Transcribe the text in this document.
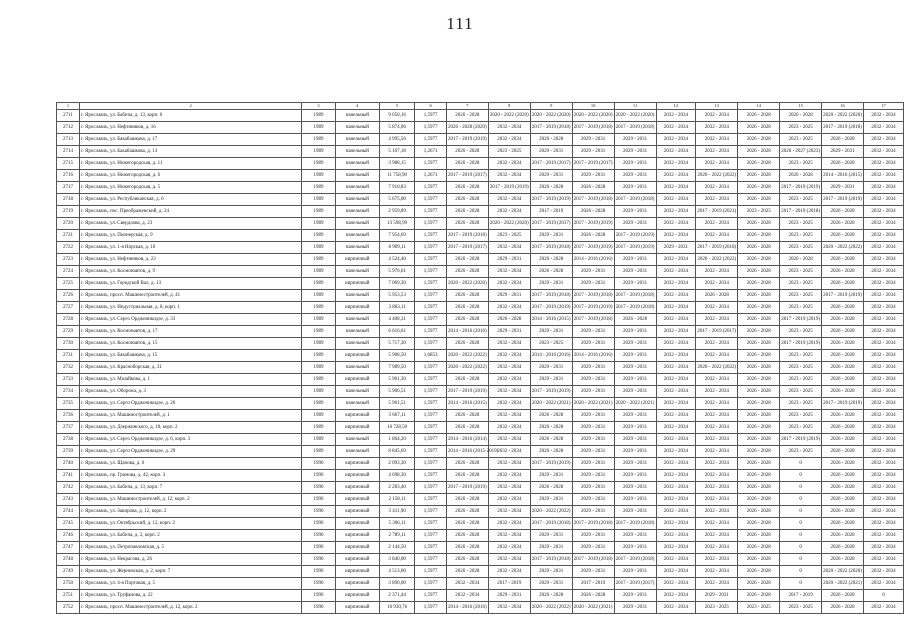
111
1	2	3	4	5	6	7	8	9	10	11	12	13	14	15	16	17
2711	г. Ярославль, ул. Бабича, д. 13, корп. 6	1989	панельный	9 050,16	1,5977	2026 - 2028	2020 - 2022 (2020)	2020 - 2022 (2020)	2020 - 2022 (2020)	2020 - 2022 (2020)	2032 - 2034	2032 - 2034	2026 - 2028	2026 - 2028	2020 - 2022 (2020)	2032 - 2034
2712	г. Ярославль, ул. Нефтяников, д. 16	1989	панельный	5 874,06	1,5977	2026 - 2028 (2020)	2032 - 2034	2017 - 2019 (2018)	2017 - 2019 (2018)	2017 - 2019 (2018)	2032 - 2034	2032 - 2034	2026 - 2028	2023 - 2025	2017 - 2019 (2018)	2032 - 2034
2713	г. Ярославль, ул. Бакабашкова, д. 17	1989	панельный	4 995,56	1,5977	2017 - 2019 (2019)	2032 - 2034	2026 - 2028	2029 - 2031	2029 - 2031	2032 - 2034	2032 - 2034	2026 - 2028	2023 - 2025	2026 - 2028	2032 - 2034
2714	г. Ярославль, ул. Бакабашкова, д. 13	1989	панельный	5 167,18	1,2671	2026 - 2028	2023 - 2025	2029 - 2031	2029 - 2031	2029 - 2031	2032 - 2034	2032 - 2034	2026 - 2028	2026 - 2027 (2023)	2029 - 2031	2032 - 2034
2715	г. Ярославль, ул. Нижегородская, д. 11	1989	панельный	3 988,15	1,5977	2026 - 2028	2032 - 2034	2017 - 2019 (2017)	2017 - 2019 (2017)	2029 - 2031	2032 - 2034	2032 - 2034	2026 - 2028	2023 - 2025	2026 - 2028	2032 - 2034
2716	г. Ярославль, ул. Нижегородская, д. 6	1989	панельный	11 758,90	1,2671	2017 - 2019 (2017)	2032 - 2034	2029 - 2031	2029 - 2031	2029 - 2031	2032 - 2034	2020 - 2022 (2022)	2026 - 2028	2026 - 2028	2014 - 2016 (2015)	2032 - 2034
2717	г. Ярославль, ул. Нижегородская, д. 5	1989	панельный	7 910,83	1,5977	2026 - 2028	2017 - 2019 (2019)	2026 - 2028	2026 - 2028	2029 - 2031	2032 - 2034	2032 - 2034	2026 - 2028	2017 - 2019 (2019)	2029 - 2031	2032 - 2034
2718	г. Ярославль, ул. Республиканская, д. 6	1989	панельный	5 675,00	1,5977	2026 - 2028	2032 - 2034	2017 - 2019 (2019)	2017 - 2019 (2018)	2017 - 2019 (2018)	2032 - 2034	2032 - 2034	2026 - 2028	2023 - 2025	2017 - 2019 (2019)	2032 - 2034
2719	г. Ярославль, пос. Преображенский, д. 24	1989	панельный	2 959,89	1,5977	2026 - 2028	2032 - 2034	2017 - 2019	2026 - 2028	2029 - 2031	2032 - 2034	2017 - 2019 (2021)	2023 - 2025	2017 - 2019 (2018)	2026 - 2028	2032 - 2034
2720	г. Ярославль, ул. Свердлова, д. 23	1989	панельный	13 598,99	1,5977	2026 - 2028	2020 - 2022 (2020)	2017 - 2019 (2017)	2017 - 2019 (2019)	2029 - 2031	2032 - 2034	2032 - 2034	2026 - 2028	2023 - 2025	2026 - 2028	2032 - 2034
2721	г. Ярославль, ул. Пионерская, д. 9	1989	панельный	7 954,69	1,5977	2017 - 2019 (2018)	2023 - 2025	2029 - 2031	2026 - 2028	2017 - 2019 (2019)	2032 - 2034	2032 - 2034	2026 - 2028	2023 - 2025	2026 - 2028	2032 - 2034
2722	г. Ярославль, ул. 1-я Норская, д. 10	1989	панельный	8 909,11	1,5977	2017 - 2019 (2017)	2032 - 2034	2017 - 2019 (2018)	2017 - 2019 (2019)	2017 - 2019 (2019)	2029 - 2031	2017 - 2019 (2018)	2026 - 2028	2023 - 2025	2020 - 2022 (2022)	2032 - 2034
2723	г. Ярославль, ул. Нефтяников, д. 23	1989	кирпичный	4 524,40	1,5977	2026 - 2028	2029 - 2031	2026 - 2028	2014 - 2016 (2016)	2029 - 2031	2032 - 2034	2020 - 2022 (2022)	2026 - 2028	2026 - 2028	2026 - 2028	2032 - 2034
2724	г. Ярославль, ул. Космонавтов, д. 9	1989	панельный	5 976,61	1,5977	2026 - 2028	2032 - 2034	2026 - 2028	2029 - 2031	2029 - 2031	2032 - 2034	2032 - 2034	2026 - 2028	2023 - 2025	2026 - 2028	2032 - 2034
2725	г. Ярославль, ул. Городской Вал, д. 13	1989	кирпичный	7 069,30	1,5977	2020 - 2022 (2020)	2032 - 2034	2029 - 2031	2029 - 2031	2029 - 2031	2032 - 2034	2032 - 2034	2026 - 2028	2023 - 2025	2026 - 2028	2032 - 2034
2726	г. Ярославль, просп. Машиностроителей, д. 41	1989	панельный	5 953,53	1,5977	2026 - 2028	2029 - 2031	2017 - 2019 (2018)	2017 - 2019 (2018)	2017 - 2019 (2018)	2032 - 2034	2026 - 2028	2026 - 2028	2023 - 2025	2017 - 2019 (2019)	2032 - 2034
2727	г. Ярославль, ул. Индустриальная, д. 8, корп. 1	1989	кирпичный	3 863,11	1,5977	2026 - 2028	2032 - 2034	2017 - 2019 (2019)	2017 - 2019 (2019)	2017 - 2019 (2018)	2032 - 2034	2032 - 2034	2026 - 2028	2023 - 2025	2026 - 2028	2032 - 2034
2728	г. Ярославль, ул. Серго Орджоникидзе, д. 33	1989	панельный	4 408,31	1,5977	2026 - 2028	2026 - 2028	2014 - 2016 (2015)	2017 - 2019 (2018)	2026 - 2028	2032 - 2034	2032 - 2034	2026 - 2028	2017 - 2019 (2019)	2026 - 2028	2032 - 2034
2729	г. Ярославль, ул. Космонавтов, д. 17	1989	панельный	6 616,61	1,5977	2014 - 2016 (2016)	2029 - 2031	2029 - 2031	2029 - 2031	2029 - 2031	2032 - 2034	2017 - 2019 (2017)	2026 - 2028	2023 - 2025	2026 - 2028	2032 - 2034
2730	г. Ярославль, ул. Космонавтов, д. 15	1989	панельный	5 717,30	1,5977	2026 - 2028	2032 - 2034	2023 - 2025	2029 - 2031	2029 - 2031	2032 - 2034	2032 - 2034	2026 - 2028	2017 - 2019 (2019)	2026 - 2028	2032 - 2034
2731	г. Ярославль, ул. Бакабашкова, д. 15	1989	кирпичный	5 908,50	1,6853	2020 - 2022 (2022)	2032 - 2034	2014 - 2016 (2016)	2014 - 2016 (2016)	2029 - 2031	2032 - 2034	2032 - 2034	2026 - 2028	2023 - 2025	2026 - 2028	2032 - 2034
2732	г. Ярославль, ул. Красноборская, д. 31	1989	панельный	7 989,50	1,5977	2020 - 2022 (2022)	2032 - 2034	2029 - 2031	2029 - 2031	2029 - 2031	2032 - 2034	2020 - 2022 (2022)	2026 - 2028	2023 - 2025	2026 - 2028	2032 - 2034
2733	г. Ярославль, ул. Мазайкова, д. 1	1989	кирпичный	5 901,30	1,5977	2026 - 2028	2032 - 2034	2029 - 2031	2029 - 2031	2029 - 2031	2032 - 2034	2032 - 2034	2026 - 2028	2023 - 2025	2026 - 2028	2032 - 2034
2734	г. Ярославль, ул. Оборона, д. 3	1989	панельный	5 906,51	1,5977	2017 - 2019 (2019)	2032 - 2034	2017 - 2019 (2019)	2029 - 2031	2029 - 2031	2032 - 2034	2032 - 2034	2026 - 2028	2023 - 2025	2026 - 2028	2032 - 2034
2735	г. Ярославль, ул. Серго Орджоникидзе, д. 26	1989	панельный	5 961,51	1,5977	2014 - 2016 (2015)	2032 - 2034	2020 - 2022 (2021)	2020 - 2022 (2021)	2020 - 2022 (2021)	2032 - 2034	2032 - 2034	2026 - 2028	2023 - 2025	2017 - 2019 (2019)	2032 - 2034
2736	г. Ярославль, ул. Машиностроителей, д. 1	1989	кирпичный	3 667,11	1,5977	2026 - 2028	2032 - 2034	2026 - 2028	2029 - 2031	2029 - 2031	2032 - 2034	2032 - 2034	2026 - 2028	2023 - 2025	2026 - 2028	2032 - 2034
2737	г. Ярославль, ул. Дзержинского, д. 18, корп. 2	1989	кирпичный	16 728,50	1,5977	2026 - 2028	2032 - 2034	2026 - 2028	2029 - 2031	2029 - 2031	2032 - 2034	2032 - 2034	2026 - 2028	2023 - 2025	2026 - 2028	2032 - 2034
2738	г. Ярославль, ул. Серго Орджоникидзе, д. 6, корп. 3	1989	панельный	1 864,20	1,5977	2014 - 2016 (2014)	2032 - 2034	2026 - 2028	2029 - 2031	2029 - 2031	2032 - 2034	2032 - 2034	2026 - 2028	2017 - 2019 (2019)	2026 - 2028	2032 - 2034
2739	г. Ярославль, ул. Серго Орджоникидзе, д. 29	1989	панельный	8 845,69	1,5977	2014 - 2016 (2015-2019)	2032 - 2034	2026 - 2028	2029 - 2031	2029 - 2031	2032 - 2034	2032 - 2034	2026 - 2028	2023 - 2025	2026 - 2028	2032 - 2034
2740	г. Ярославль, ул. Щапова, д. 6	1990	кирпичный	2 093,30	1,5977	2026 - 2028	2032 - 2034	2017 - 2019 (2019)	2029 - 2031	2029 - 2031	2032 - 2034	2032 - 2034	2026 - 2028	0	2026 - 2028	2032 - 2034
2741	г. Ярославль, пр. Громова, д. 42, корп. 3	1990	кирпичный	4 698,30	1,5977	2026 - 2028	2032 - 2034	2029 - 2031	2029 - 2031	2029 - 2031	2032 - 2034	2032 - 2034	2026 - 2028	0	2026 - 2028	2032 - 2034
2742	г. Ярославль, ул. Бабича, д. 13, корп. 7	1990	кирпичный	2 283,40	1,5977	2017 - 2019 (2019)	2032 - 2034	2026 - 2028	2029 - 2031	2029 - 2031	2032 - 2034	2032 - 2034	2026 - 2028	0	2026 - 2028	2032 - 2034
2743	г. Ярославль, ул. Машиностроителей, д. 12, корп. 2	1990	кирпичный	2 158,11	1,5977	2026 - 2028	2032 - 2034	2029 - 2031	2029 - 2031	2029 - 2031	2032 - 2034	2032 - 2034	2026 - 2028	0	2026 - 2028	2032 - 2034
2744	г. Ярославль, ул. Закирова, д. 12, корп. 2	1990	кирпичный	3 411,90	1,5977	2026 - 2028	2032 - 2034	2020 - 2022 (2022)	2029 - 2031	2029 - 2031	2032 - 2034	2032 - 2034	2026 - 2028	0	2026 - 2028	2032 - 2034
2745	г. Ярославль, ул. Октябрьский, д. 12, корп. 2	1990	кирпичный	5 306,11	1,5977	2026 - 2028	2032 - 2034	2017 - 2019 (2018)	2017 - 2019 (2018)	2017 - 2019 (2018)	2032 - 2034	2032 - 2034	2026 - 2028	0	2026 - 2028	2032 - 2034
2746	г. Ярославль, ул. Бабича, д. 2, корп. 2	1990	кирпичный	2 789,11	1,5977	2026 - 2028	2032 - 2034	2029 - 2031	2029 - 2031	2029 - 2031	2032 - 2034	2032 - 2034	2026 - 2028	0	2026 - 2028	2032 - 2034
2747	г. Ярославль, ул. Петропавловская, д. 5	1990	кирпичный	2 144,50	1,5977	2026 - 2028	2032 - 2034	2029 - 2031	2029 - 2031	2029 - 2031	2032 - 2034	2032 - 2034	2026 - 2028	0	2026 - 2028	2032 - 2034
2748	г. Ярославль, ул. Некрасова, д. 26	1990	кирпичный	3 840,00	1,5977	2026 - 2028	2032 - 2034	2017 - 2019 (2018)	2017 - 2019 (2018)	2017 - 2019 (2018)	2032 - 2034	2032 - 2034	2026 - 2028	0	2026 - 2028	2032 - 2034
2749	г. Ярославль, ул. Жерновская, д. 2, корп. 7	1990	кирпичный	4 513,00	1,5977	2026 - 2028	2032 - 2034	2029 - 2031	2029 - 2031	2029 - 2031	2032 - 2034	2032 - 2034	2026 - 2028	0	2020 - 2022 (2020)	2032 - 2034
2750	г. Ярославль, ул. 4-я Портовая, д. 5	1990	кирпичный	3 890,00	1,5977	2032 - 2034	2017 - 2019	2029 - 2031	2017 - 2019	2017 - 2019 (2017)	2032 - 2034	2032 - 2034	2026 - 2028	0	2020 - 2022 (2021)	2032 - 2034
2751	г. Ярославль, ул. Труфанова, д. 22	1990	кирпичный	2 371,44	1,5977	2032 - 2034	2029 - 2031	2026 - 2028	2026 - 2028	2029 - 2031	2032 - 2034	2029 - 2031	2026 - 2028	2017 - 2019	2026 - 2028	0
2752	г. Ярославль, просп. Машиностроителей, д. 12, корп. 2	1990	кирпичный	16 930,76	1,5977	2014 - 2016 (2016)	2032 - 2034	2020 - 2022 (2022)	2020 - 2022 (2021)	2029 - 2031	2032 - 2034	2023 - 2025	2023 - 2025	2023 - 2025	2026 - 2028	2032 - 2034
